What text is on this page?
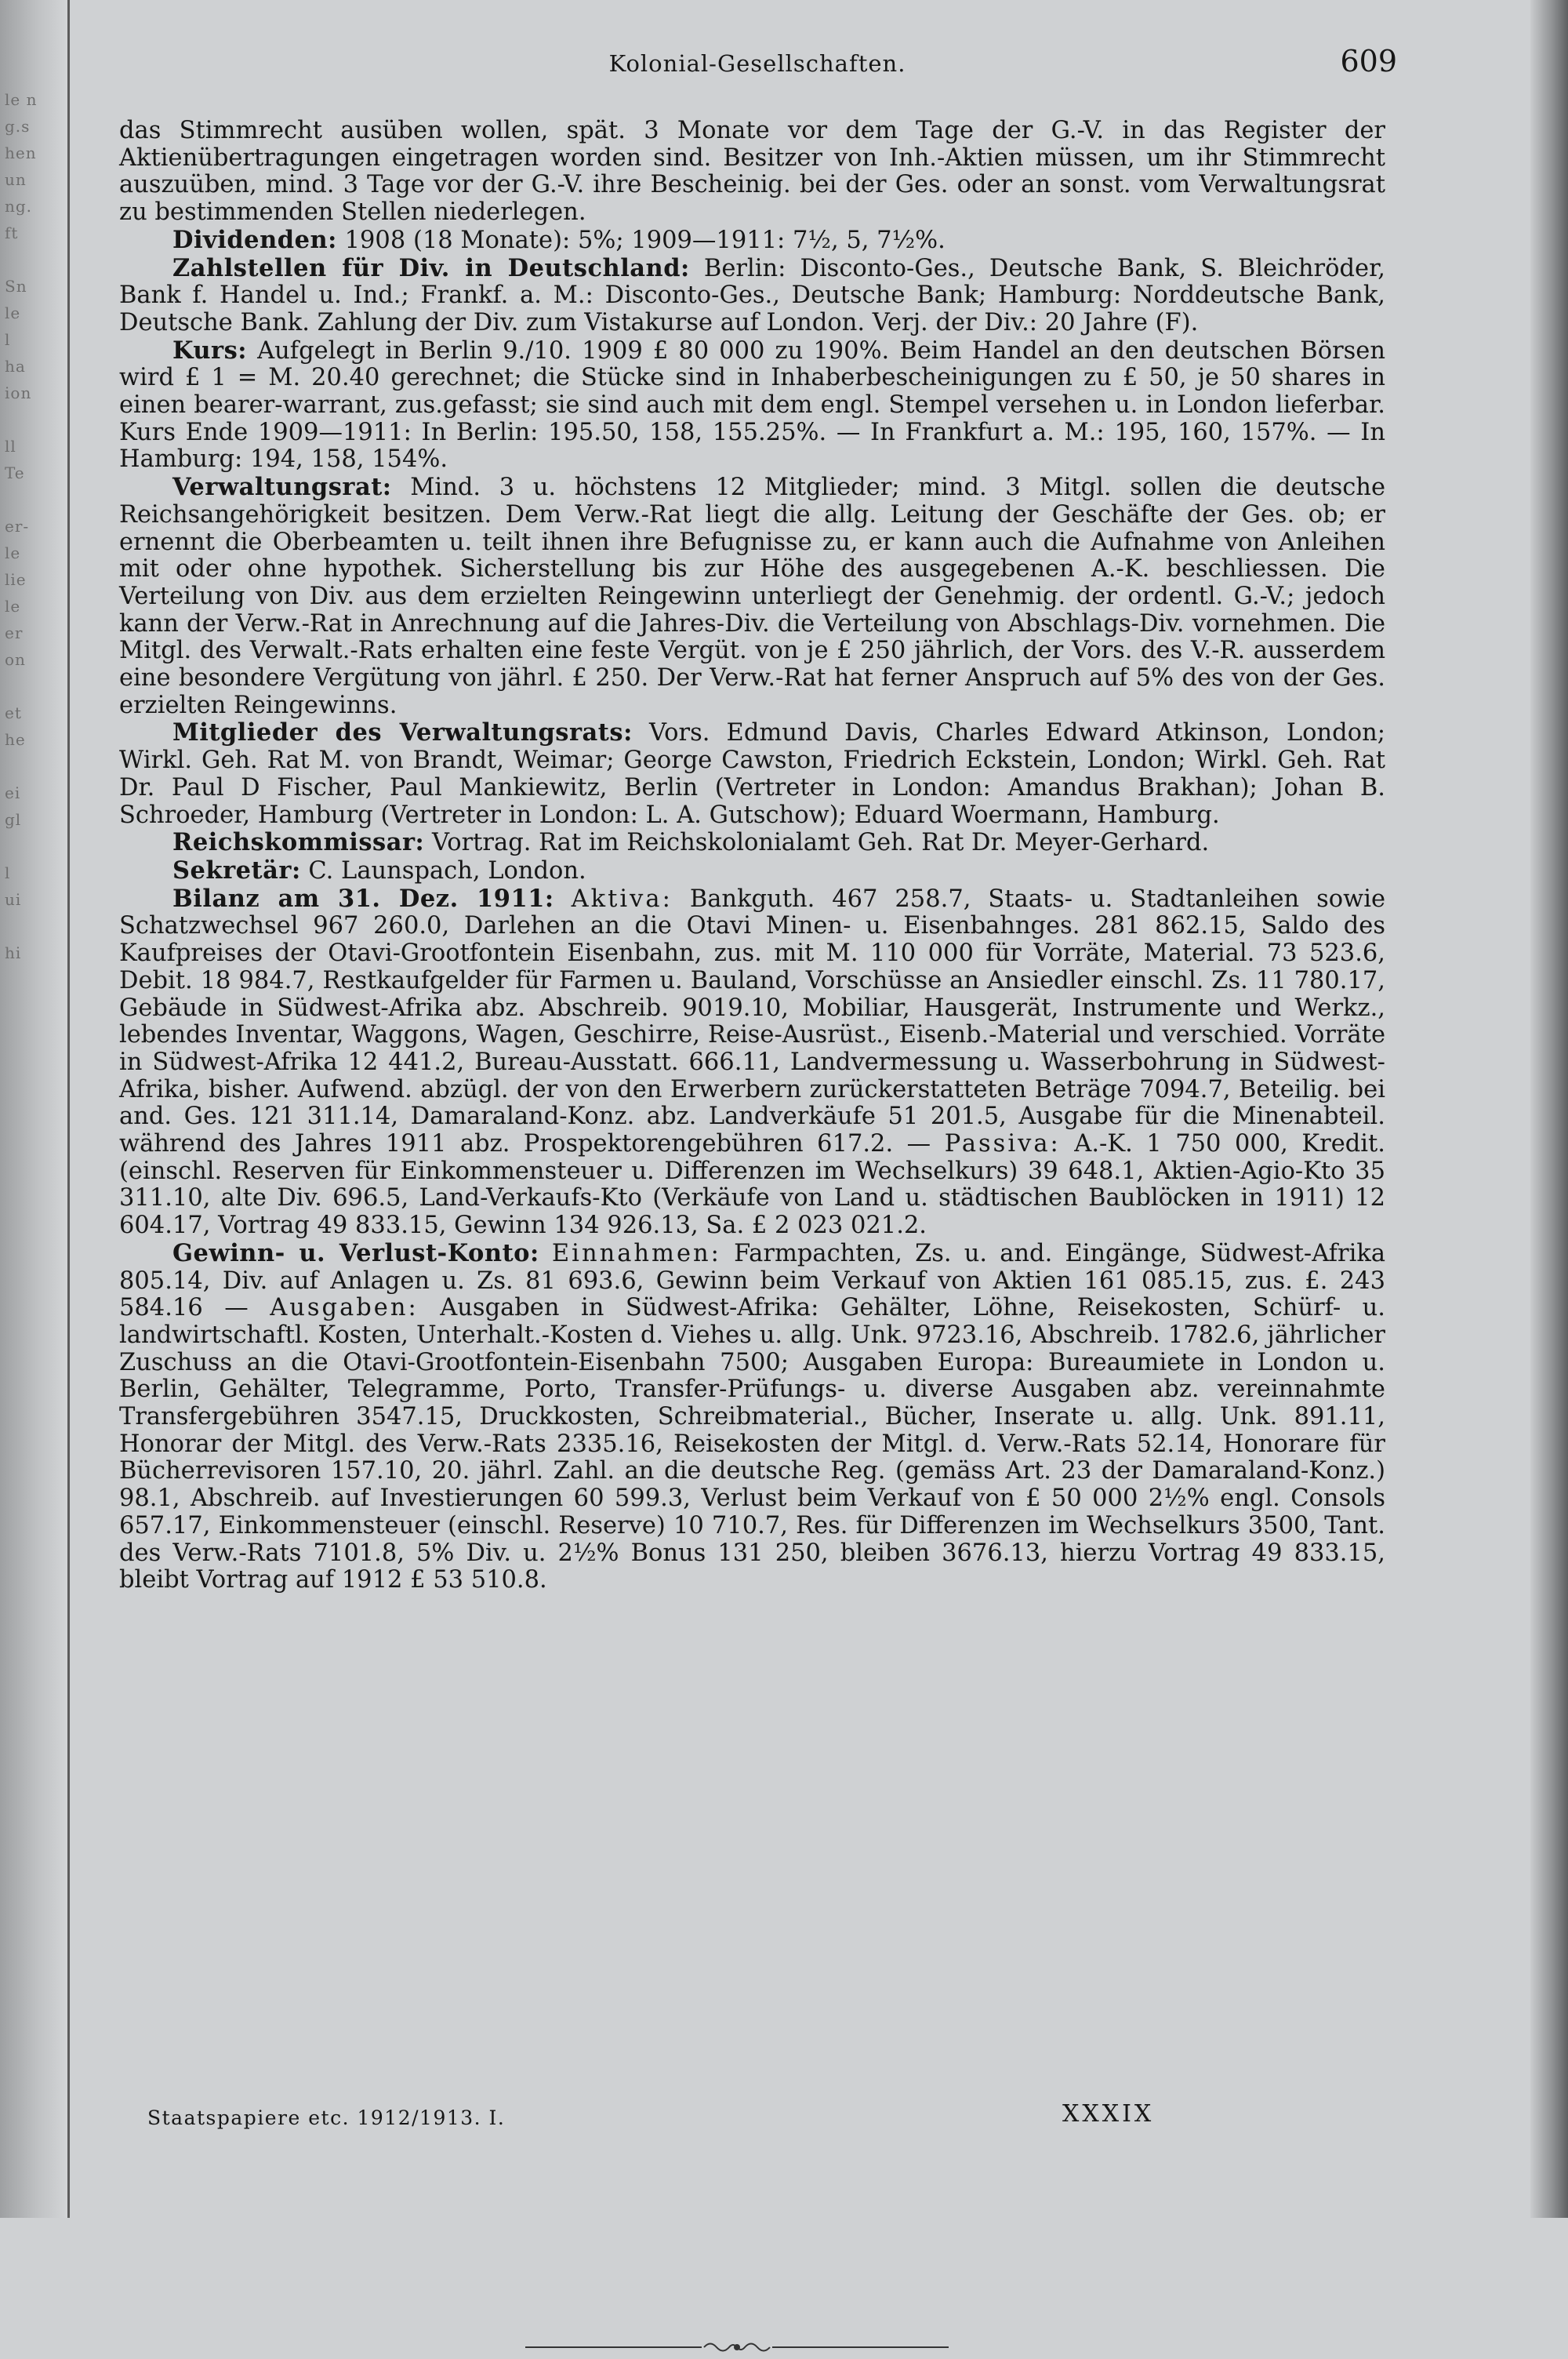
le n
g.s
hen
un
ng.
ft
Sn
le
l
ha
ion
ll
Te
er-
le
lie
le
er
on
et
he
ei
gl
l
ui
hi
Kolonial-Gesellschaften.	609

das Stimmrecht ausüben wollen, spät. 3 Monate vor dem Tage der G.-V. in das Register der Aktienübertragungen eingetragen worden sind. Besitzer von Inh.-Aktien müssen, um ihr Stimmrecht auszuüben, mind. 3 Tage vor der G.-V. ihre Bescheinig. bei der Ges. oder an sonst. vom Verwaltungsrat zu bestimmenden Stellen niederlegen.

Dividenden: 1908 (18 Monate): 5%; 1909—1911: 7½, 5, 7½%.

Zahlstellen für Div. in Deutschland: Berlin: Disconto-Ges., Deutsche Bank, S. Bleichröder, Bank f. Handel u. Ind.; Frankf. a. M.: Disconto-Ges., Deutsche Bank; Hamburg: Norddeutsche Bank, Deutsche Bank. Zahlung der Div. zum Vistakurse auf London. Verj. der Div.: 20 Jahre (F).

Kurs: Aufgelegt in Berlin 9./10. 1909 £ 80 000 zu 190%. Beim Handel an den deutschen Börsen wird £ 1 = M. 20.40 gerechnet; die Stücke sind in Inhaberbescheinigungen zu £ 50, je 50 shares in einen bearer-warrant, zus.gefasst; sie sind auch mit dem engl. Stempel versehen u. in London lieferbar. Kurs Ende 1909—1911: In Berlin: 195.50, 158, 155.25%. — In Frankfurt a. M.: 195, 160, 157%. — In Hamburg: 194, 158, 154%.

Verwaltungsrat: Mind. 3 u. höchstens 12 Mitglieder; mind. 3 Mitgl. sollen die deutsche Reichsangehörigkeit besitzen. Dem Verw.-Rat liegt die allg. Leitung der Geschäfte der Ges. ob; er ernennt die Oberbeamten u. teilt ihnen ihre Befugnisse zu, er kann auch die Aufnahme von Anleihen mit oder ohne hypothek. Sicherstellung bis zur Höhe des ausgegebenen A.-K. beschliessen. Die Verteilung von Div. aus dem erzielten Reingewinn unterliegt der Genehmig. der ordentl. G.-V.; jedoch kann der Verw.-Rat in Anrechnung auf die Jahres-Div. die Verteilung von Abschlags-Div. vornehmen. Die Mitgl. des Verwalt.-Rats erhalten eine feste Vergüt. von je £ 250 jährlich, der Vors. des V.-R. ausserdem eine besondere Vergütung von jährl. £ 250. Der Verw.-Rat hat ferner Anspruch auf 5% des von der Ges. erzielten Reingewinns.

Mitglieder des Verwaltungsrats: Vors. Edmund Davis, Charles Edward Atkinson, London; Wirkl. Geh. Rat M. von Brandt, Weimar; George Cawston, Friedrich Eckstein, London; Wirkl. Geh. Rat Dr. Paul D Fischer, Paul Mankiewitz, Berlin (Vertreter in London: Amandus Brakhan); Johan B. Schroeder, Hamburg (Vertreter in London: L. A. Gutschow); Eduard Woermann, Hamburg.

Reichskommissar: Vortrag. Rat im Reichskolonialamt Geh. Rat Dr. Meyer-Gerhard.

Sekretär: C. Launspach, London.

Bilanz am 31. Dez. 1911: Aktiva: Bankguth. 467 258.7, Staats- u. Stadtanleihen sowie Schatzwechsel 967 260.0, Darlehen an die Otavi Minen- u. Eisenbahnges. 281 862.15, Saldo des Kaufpreises der Otavi-Grootfontein Eisenbahn, zus. mit M. 110 000 für Vorräte, Material. 73 523.6, Debit. 18 984.7, Restkaufgelder für Farmen u. Bauland, Vorschüsse an Ansiedler einschl. Zs. 11 780.17, Gebäude in Südwest-Afrika abz. Abschreib. 9019.10, Mobiliar, Hausgerät, Instrumente und Werkz., lebendes Inventar, Waggons, Wagen, Geschirre, Reise-Ausrüst., Eisenb.-Material und verschied. Vorräte in Südwest-Afrika 12 441.2, Bureau-Ausstatt. 666.11, Landvermessung u. Wasserbohrung in Südwest-Afrika, bisher. Aufwend. abzügl. der von den Erwerbern zurückerstatteten Beträge 7094.7, Beteilig. bei and. Ges. 121 311.14, Damaraland-Konz. abz. Landverkäufe 51 201.5, Ausgabe für die Minenabteil. während des Jahres 1911 abz. Prospektorengebühren 617.2. — Passiva: A.-K. 1 750 000, Kredit. (einschl. Reserven für Einkommensteuer u. Differenzen im Wechselkurs) 39 648.1, Aktien-Agio-Kto 35 311.10, alte Div. 696.5, Land-Verkaufs-Kto (Verkäufe von Land u. städtischen Baublöcken in 1911) 12 604.17, Vortrag 49 833.15, Gewinn 134 926.13, Sa. £ 2 023 021.2.

Gewinn- u. Verlust-Konto: Einnahmen: Farmpachten, Zs. u. and. Eingänge, Südwest-Afrika 805.14, Div. auf Anlagen u. Zs. 81 693.6, Gewinn beim Verkauf von Aktien 161 085.15, zus. £. 243 584.16 — Ausgaben: Ausgaben in Südwest-Afrika: Gehälter, Löhne, Reisekosten, Schürf- u. landwirtschaftl. Kosten, Unterhalt.-Kosten d. Viehes u. allg. Unk. 9723.16, Abschreib. 1782.6, jährlicher Zuschuss an die Otavi-Grootfontein-Eisenbahn 7500; Ausgaben Europa: Bureaumiete in London u. Berlin, Gehälter, Telegramme, Porto, Transfer-Prüfungs- u. diverse Ausgaben abz. vereinnahmte Transfergebühren 3547.15, Druckkosten, Schreibmaterial., Bücher, Inserate u. allg. Unk. 891.11, Honorar der Mitgl. des Verw.-Rats 2335.16, Reisekosten der Mitgl. d. Verw.-Rats 52.14, Honorare für Bücherrevisoren 157.10, 20. jährl. Zahl. an die deutsche Reg. (gemäss Art. 23 der Damaraland-Konz.) 98.1, Abschreib. auf Investierungen 60 599.3, Verlust beim Verkauf von £ 50 000 2½% engl. Consols 657.17, Einkommensteuer (einschl. Reserve) 10 710.7, Res. für Differenzen im Wechselkurs 3500, Tant. des Verw.-Rats 7101.8, 5% Div. u. 2½% Bonus 131 250, bleiben 3676.13, hierzu Vortrag 49 833.15, bleibt Vortrag auf 1912 £ 53 510.8.

Staatspapiere etc. 1912/1913. I.	XXXIX
